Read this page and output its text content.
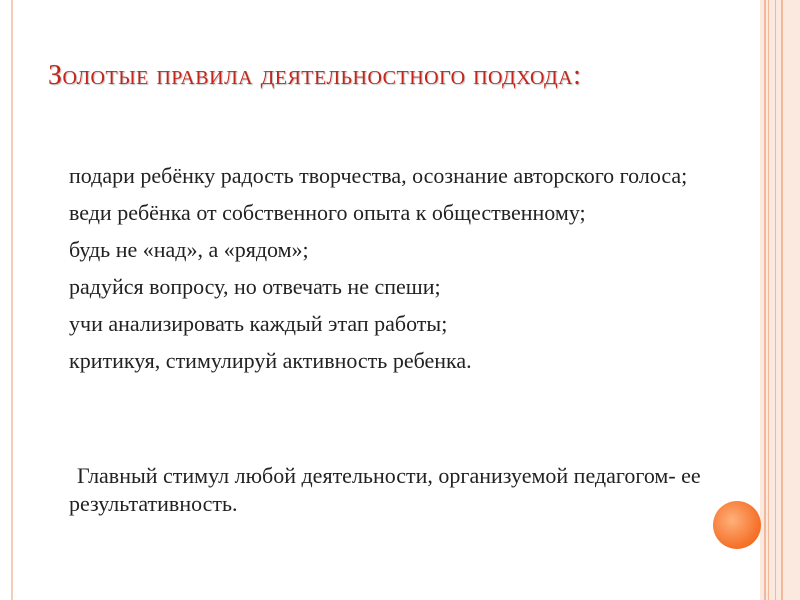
Золотые правила деятельностного подхода:
подари ребёнку радость творчества, осознание авторского голоса;
веди ребёнка от собственного опыта к общественному;
будь не «над», а «рядом»;
радуйся вопросу, но отвечать не спеши;
учи анализировать каждый этап работы;
критикуя, стимулируй активность ребенка.
Главный стимул любой деятельности, организуемой педагогом- ее результативность.
